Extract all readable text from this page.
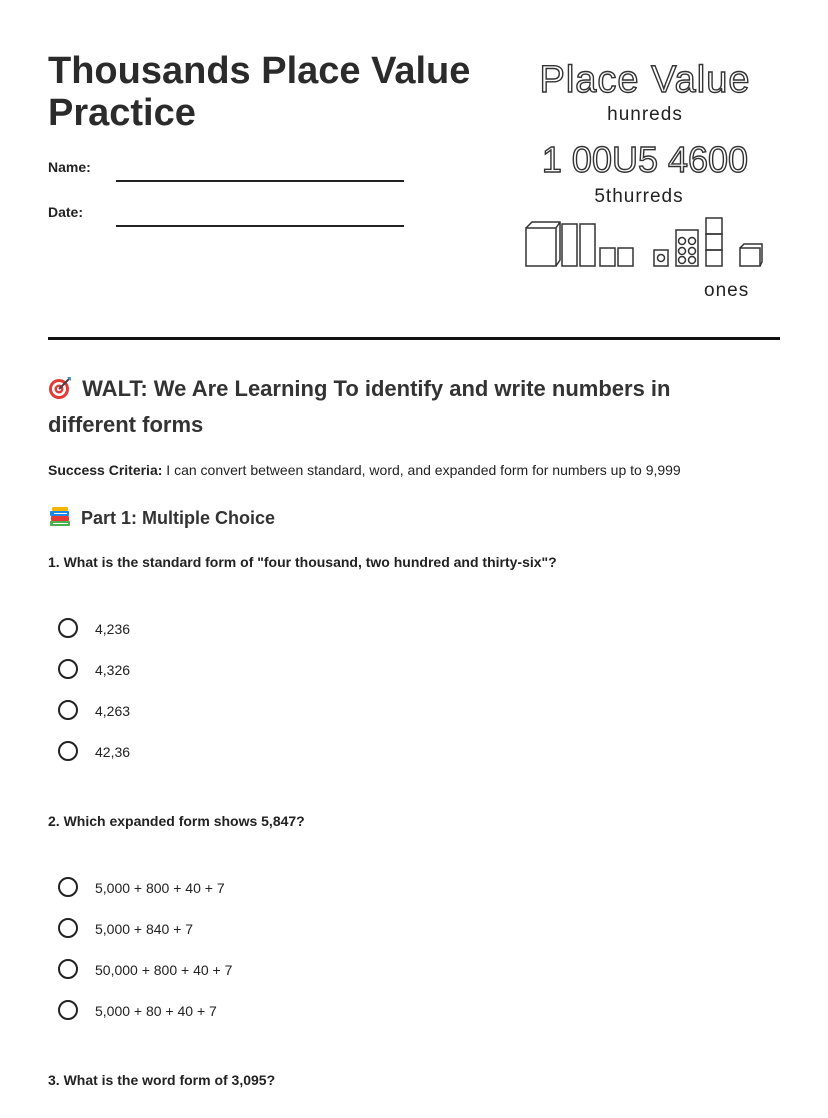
Thousands Place Value Practice
Name:
Date:
Place Value
hunreds
1 00U5 4600
5thurreds
ones
WALT: We Are Learning To identify and write numbers in different forms
Success Criteria: I can convert between standard, word, and expanded form for numbers up to 9,999
Part 1: Multiple Choice
1. What is the standard form of "four thousand, two hundred and thirty-six"?
4,236
4,326
4,263
42,36
2. Which expanded form shows 5,847?
5,000 + 800 + 40 + 7
5,000 + 840 + 7
50,000 + 800 + 40 + 7
5,000 + 80 + 40 + 7
3. What is the word form of 3,095?
